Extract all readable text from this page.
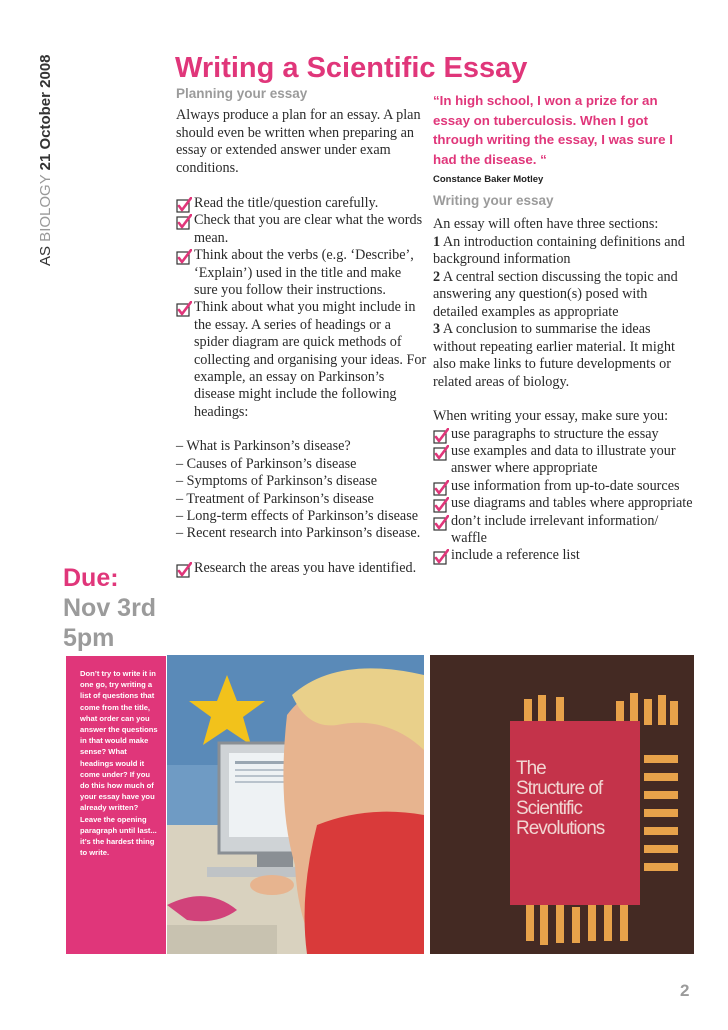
AS BIOLOGY 21 October 2008	Writing a Scientific Essay
Planning your essay
Always produce a plan for an essay. A plan should even be written when preparing an essay or extended answer under exam conditions.
Read the title/question carefully.
Check that you are clear what the words mean.
Think about the verbs (e.g. ‘Describe’, ‘Explain’) used in the title and make sure you follow their instructions.
Think about what you might include in the essay. A series of headings or a spider diagram are quick methods of collecting and organising your ideas. For example, an essay on Parkinson’s disease might include the following headings:
– What is Parkinson’s disease?
– Causes of Parkinson’s disease
– Symptoms of Parkinson’s disease
– Treatment of Parkinson’s disease
– Long-term effects of Parkinson’s disease
– Recent research into Parkinson’s disease.
Research the areas you have identified.
“In high school, I won a prize for an essay on tuberculosis. When I got through writing the essay, I was sure I had the disease. “
Constance Baker Motley
Writing your essay
An essay will often have three sections:
1 An introduction containing definitions and background information
2 A central section discussing the topic and answering any question(s) posed with detailed examples as appropriate
3 A conclusion to summarise the ideas without repeating earlier material. It might also make links to future developments or related areas of biology.
When writing your essay, make sure you:
use paragraphs to structure the essay
use examples and data to illustrate your answer where appropriate
use information from up-to-date sources
use diagrams and tables where appropriate
don’t include irrelevant information/ waffle
include a reference list
Due:
Nov 3rd
5pm
Don’t try to write it in one go, try writing a list of questions that come from the title, what order can you answer the questions in that would make sense? What headings would it come under? If you do this how much of your essay have you already written? Leave the opening paragraph until last... it’s the hardest thing to write.
The
Structure of
Scientific
Revolutions
2
